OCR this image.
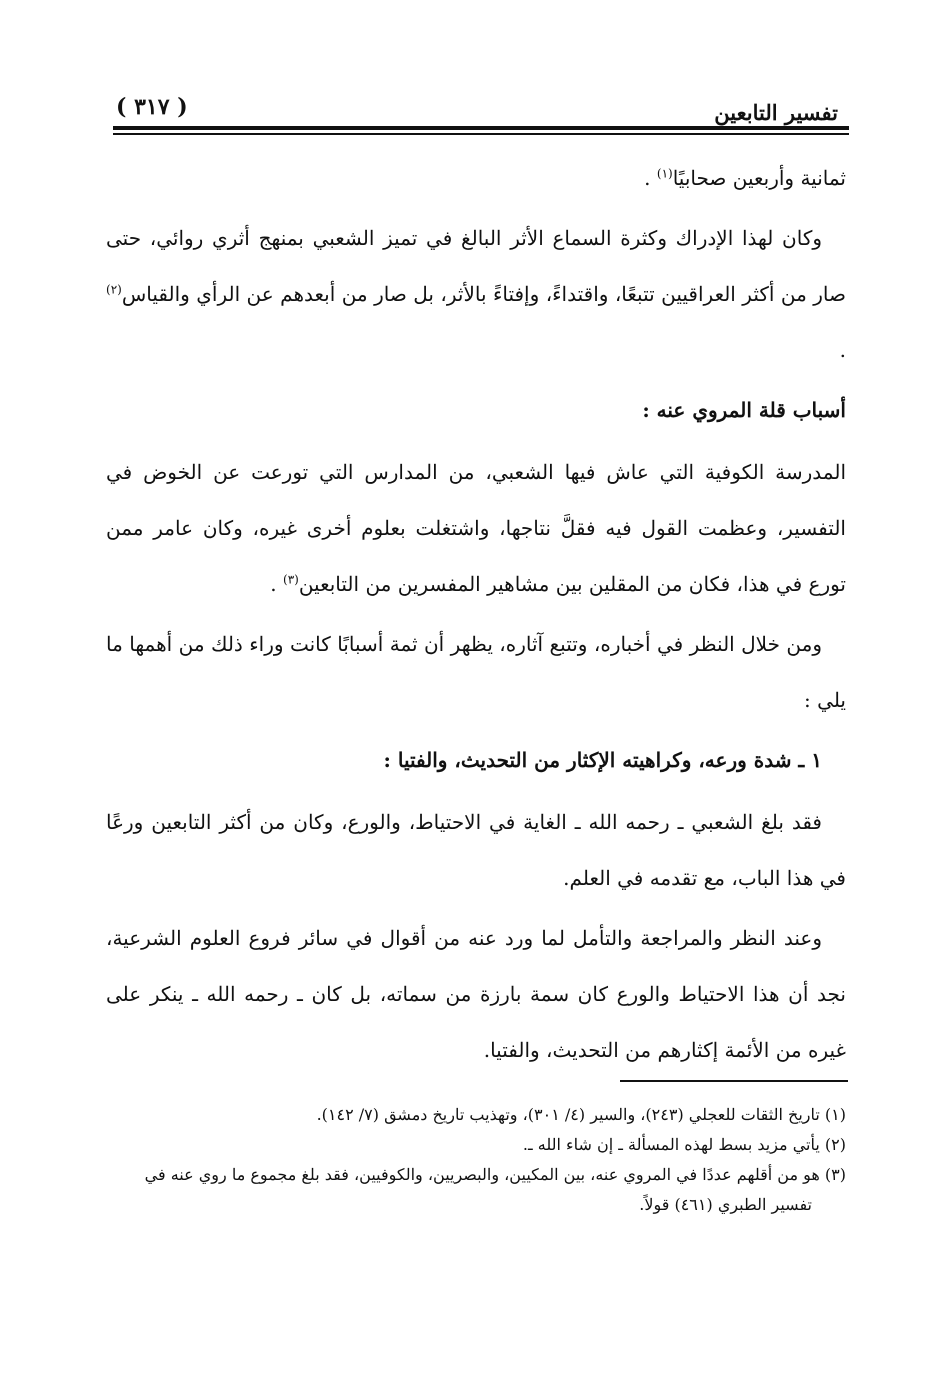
تفسير التابعين
( ٣١٧ )

ثمانية وأربعين صحابيًا$^{(١)}$ .

وكان لهذا الإدراك وكثرة السماع الأثر البالغ في تميز الشعبي بمنهج أثري روائي، حتى صار من أكثر العراقيين تتبعًا، واقتداءً، وإفتاءً بالأثر، بل صار من أبعدهم عن الرأي والقياس$^{(٢)}$ .

أسباب قلة المروي عنه :

المدرسة الكوفية التي عاش فيها الشعبي، من المدارس التي تورعت عن الخوض في التفسير، وعظمت القول فيه فقلَّ نتاجها، واشتغلت بعلوم أخرى غيره، وكان عامر ممن تورع في هذا، فكان من المقلين بين مشاهير المفسرين من التابعين$^{(٣)}$ .

ومن خلال النظر في أخباره، وتتبع آثاره، يظهر أن ثمة أسبابًا كانت وراء ذلك من أهمها ما يلي :

١ ـ شدة ورعه، وكراهيته الإكثار من التحديث، والفتيا :

فقد بلغ الشعبي ـ رحمه الله ـ الغاية في الاحتياط، والورع، وكان من أكثر التابعين ورعًا في هذا الباب، مع تقدمه في العلم.

وعند النظر والمراجعة والتأمل لما ورد عنه من أقوال في سائر فروع العلوم الشرعية، نجد أن هذا الاحتياط والورع كان سمة بارزة من سماته، بل كان ـ رحمه الله ـ ينكر على غيره من الأئمة إكثارهم من التحديث، والفتيا.

(١) تاريخ الثقات للعجلي (٢٤٣)، والسير (٤/ ٣٠١)، وتهذيب تاريخ دمشق (٧/ ١٤٢).

(٢) يأتي مزيد بسط لهذه المسألة ـ إن شاء الله ـ.

(٣) هو من أقلهم عددًا في المروي عنه، بين المكيين، والبصريين، والكوفيين، فقد بلغ مجموع ما روي عنه في تفسير الطبري (٤٦١) قولاً.
